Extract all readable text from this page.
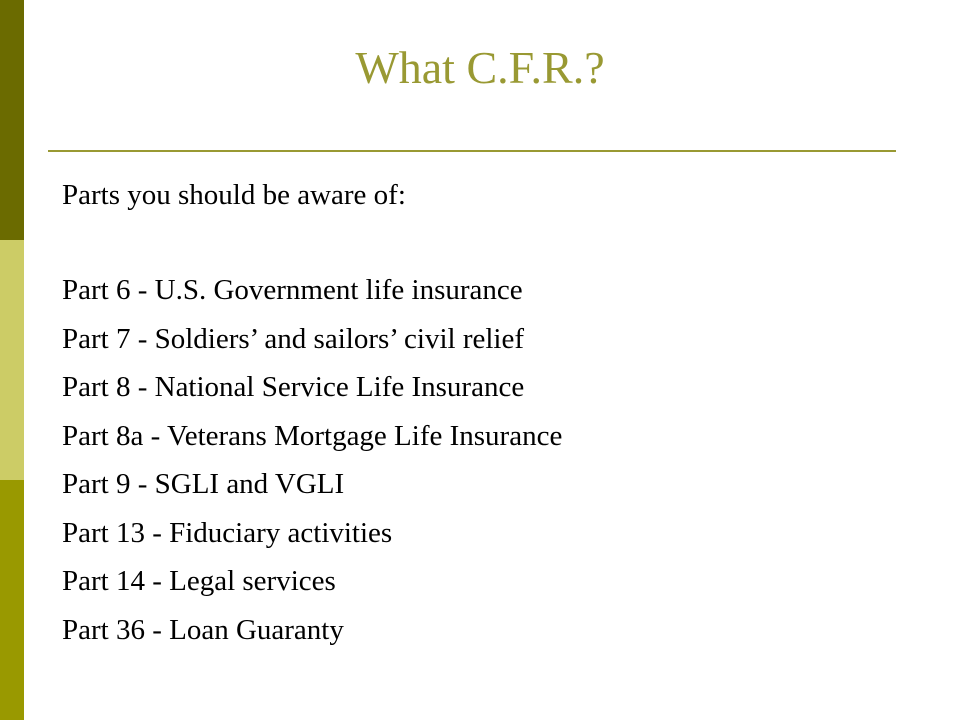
What C.F.R.?
Parts you should be aware of:
Part 6 - U.S. Government life insurance
Part 7 - Soldiers’ and sailors’ civil relief
Part 8 - National Service Life Insurance
Part 8a - Veterans Mortgage Life Insurance
Part 9 - SGLI and VGLI
Part 13 - Fiduciary activities
Part 14 - Legal services
Part 36 - Loan Guaranty
